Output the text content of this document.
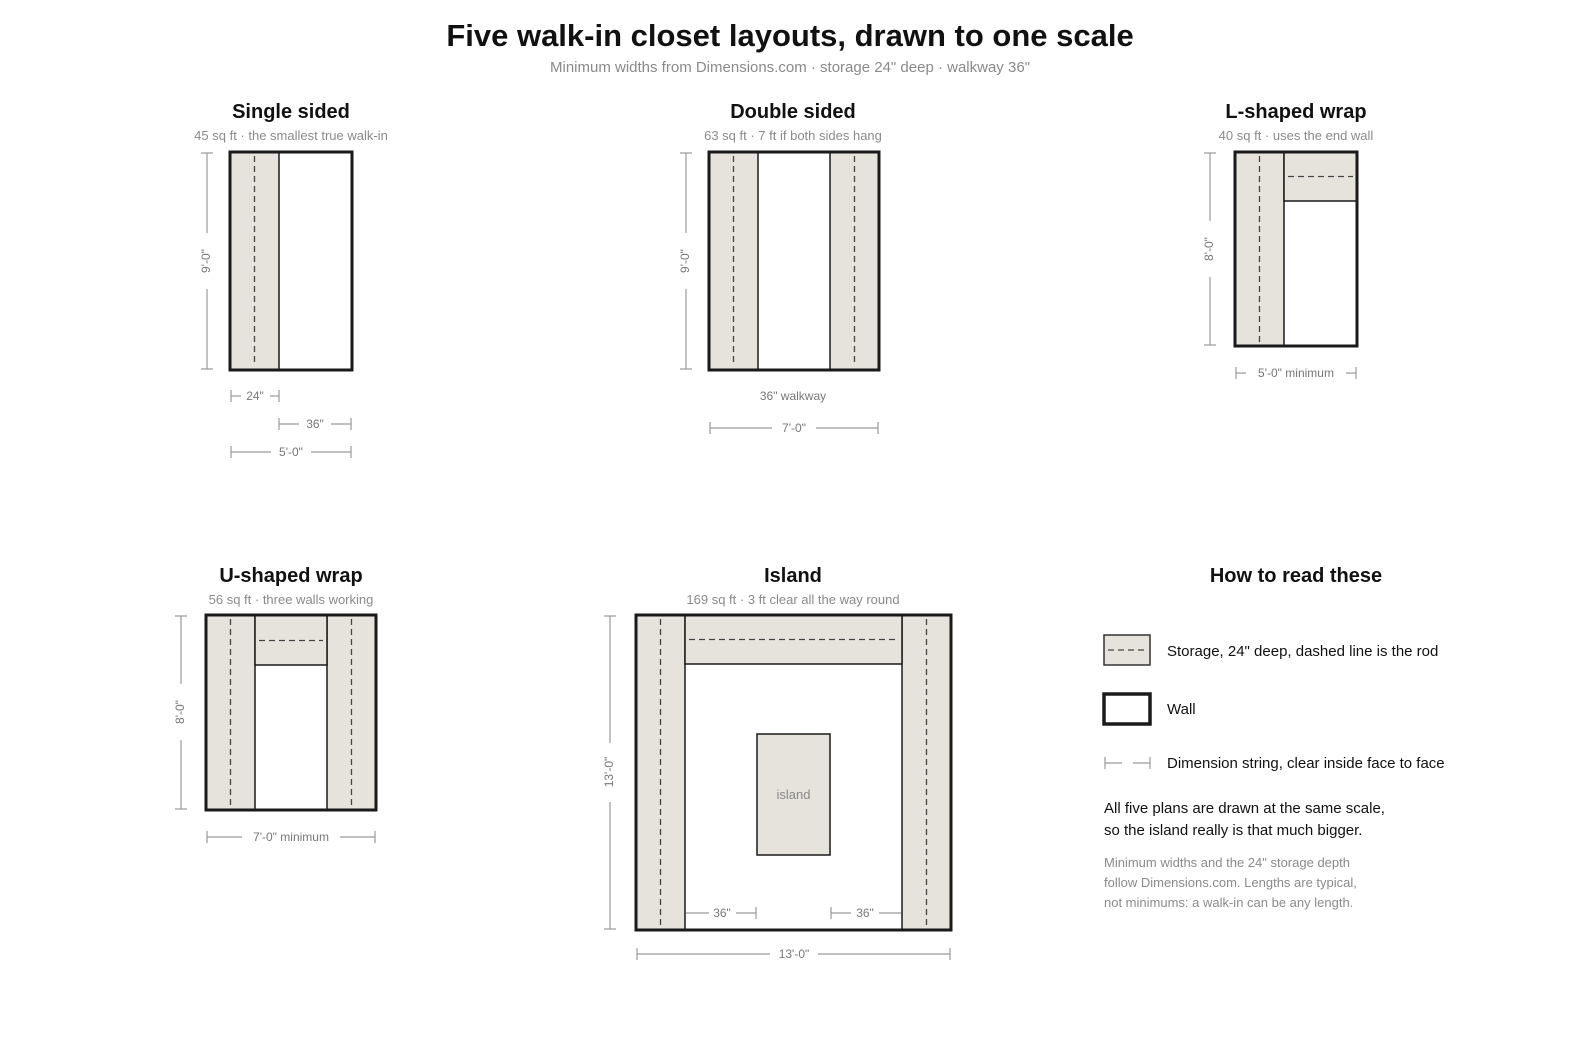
Five walk-in closet layouts, drawn to one scale
Minimum widths from Dimensions.com · storage 24" deep · walkway 36"
Single sided
45 sq ft · the smallest true walk-in
9'-0"
24"
36"
5'-0"
Double sided
63 sq ft · 7 ft if both sides hang
9'-0"
36" walkway
7'-0"
L-shaped wrap
40 sq ft · uses the end wall
8'-0"
5'-0" minimum
U-shaped wrap
56 sq ft · three walls working
8'-0"
7'-0" minimum
Island
169 sq ft · 3 ft clear all the way round
island
36"	36"
13'-0"
13'-0"
How to read these
Storage, 24" deep, dashed line is the rod
Wall
Dimension string, clear inside face to face
All five plans are drawn at the same scale,
so the island really is that much bigger.
Minimum widths and the 24" storage depth
follow Dimensions.com. Lengths are typical,
not minimums: a walk-in can be any length.
